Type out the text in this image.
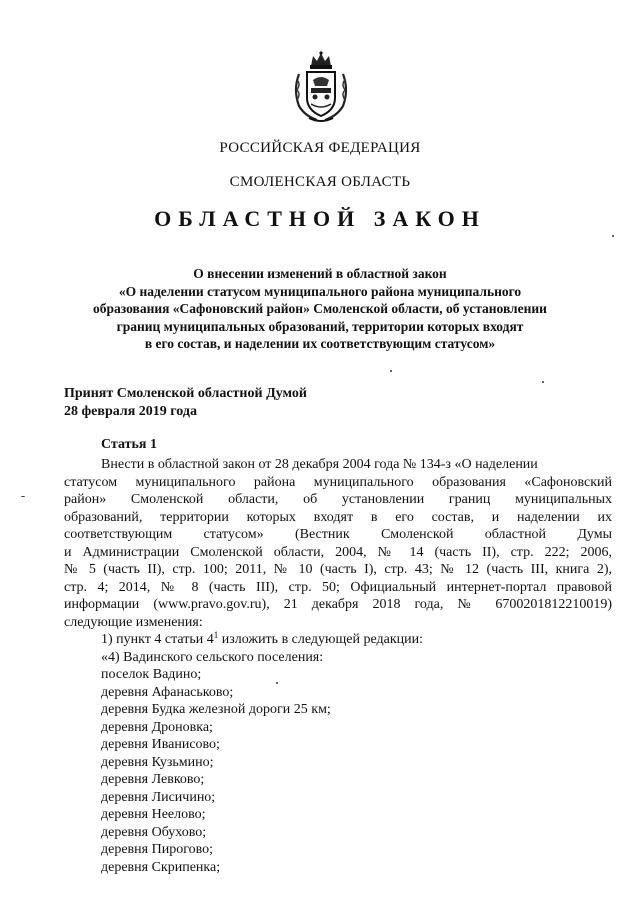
РОССИЙСКАЯ ФЕДЕРАЦИЯ
СМОЛЕНСКАЯ ОБЛАСТЬ
ОБЛАСТНОЙ ЗАКОН
О внесении изменений в областной закон
«О наделении статусом муниципального района муниципального
образования «Сафоновский район» Смоленской области, об установлении
границ муниципальных образований, территории которых входят
в его состав, и наделении их соответствующим статусом»
Принят Смоленской областной Думой
28 февраля 2019 года
Статья 1
Внести в областной закон от 28 декабря 2004 года № 134-з «О наделении
статусом муниципального района муниципального образования «Сафоновский
район» Смоленской области, об установлении границ муниципальных
образований, территории которых входят в его состав, и наделении их
соответствующим статусом» (Вестник Смоленской областной Думы
и Администрации Смоленской области, 2004, № 14 (часть II), стр. 222; 2006,
№ 5 (часть II), стр. 100; 2011, № 10 (часть I), стр. 43; № 12 (часть III, книга 2),
стр. 4; 2014, № 8 (часть III), стр. 50; Официальный интернет-портал правовой
информации (www.pravo.gov.ru), 21 декабря 2018 года, № 6700201812210019)
следующие изменения:
1) пункт 4 статьи $4^1$ изложить в следующей редакции:
«4) Вадинского сельского поселения:
поселок Вадино;
деревня Афанаськово;
деревня Будка железной дороги 25 км;
деревня Дроновка;
деревня Иванисово;
деревня Кузьмино;
деревня Левково;
деревня Лисичино;
деревня Неелово;
деревня Обухово;
деревня Пирогово;
деревня Скрипенка;
